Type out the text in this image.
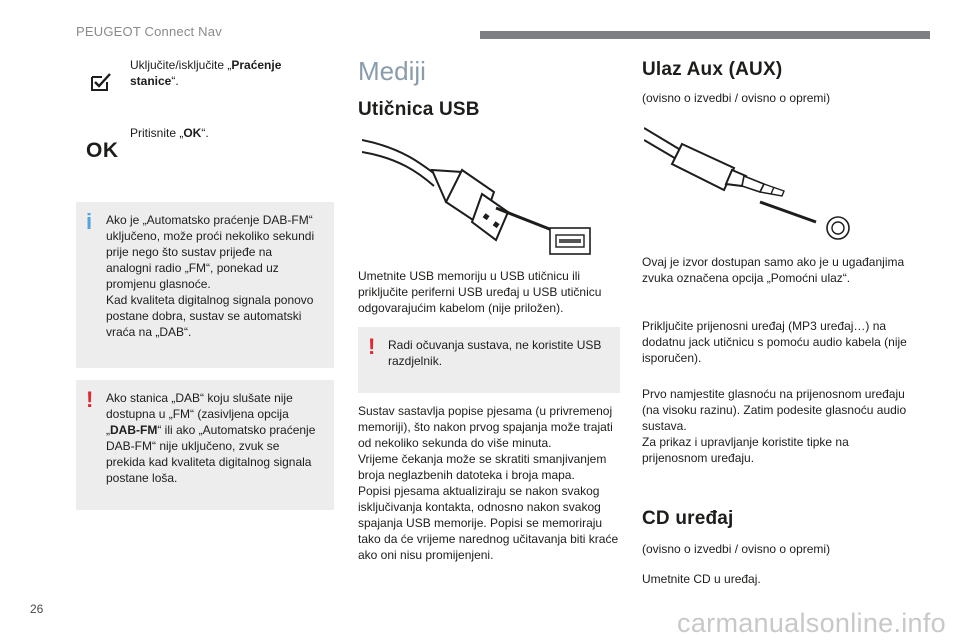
PEUGEOT Connect Nav
26	carmanualsonline.info
Uključite/isključite „Praćenje stanice“.
OK
Pritisnite „OK“.
i Ako je „Automatsko praćenje DAB-FM“ uključeno, može proći nekoliko sekundi prije nego što sustav prijeđe na analogni radio „FM“, ponekad uz promjenu glasnoće.
Kad kvaliteta digitalnog signala ponovo postane dobra, sustav se automatski vraća na „DAB“.
! Ako stanica „DAB“ koju slušate nije dostupna u „FM“ (zasivljena opcija „DAB-FM“ ili ako „Automatsko praćenje DAB-FM“ nije uključeno, zvuk se prekida kad kvaliteta digitalnog signala postane loša.
Mediji
Utičnica USB
Umetnite USB memoriju u USB utičnicu ili priključite periferni USB uređaj u USB utičnicu odgovarajućim kabelom (nije priložen).
! Radi očuvanja sustava, ne koristite USB razdjelnik.
Sustav sastavlja popise pjesama (u privremenoj memoriji), što nakon prvog spajanja može trajati od nekoliko sekunda do više minuta.
Vrijeme čekanja može se skratiti smanjivanjem broja neglazbenih datoteka i broja mapa.
Popisi pjesama aktualiziraju se nakon svakog isključivanja kontakta, odnosno nakon svakog spajanja USB memorije. Popisi se memoriraju tako da će vrijeme narednog učitavanja biti kraće ako oni nisu promijenjeni.
Ulaz Aux (AUX)
(ovisno o izvedbi / ovisno o opremi)
Ovaj je izvor dostupan samo ako je u ugađanjima zvuka označena opcija „Pomoćni ulaz“.
Priključite prijenosni uređaj (MP3 uređaj…) na dodatnu jack utičnicu s pomoću audio kabela (nije isporučen).
Prvo namjestite glasnoću na prijenosnom uređaju (na visoku razinu). Zatim podesite glasnoću audio sustava.
Za prikaz i upravljanje koristite tipke na prijenosnom uređaju.
CD uređaj
(ovisno o izvedbi / ovisno o opremi)
Umetnite CD u uređaj.
